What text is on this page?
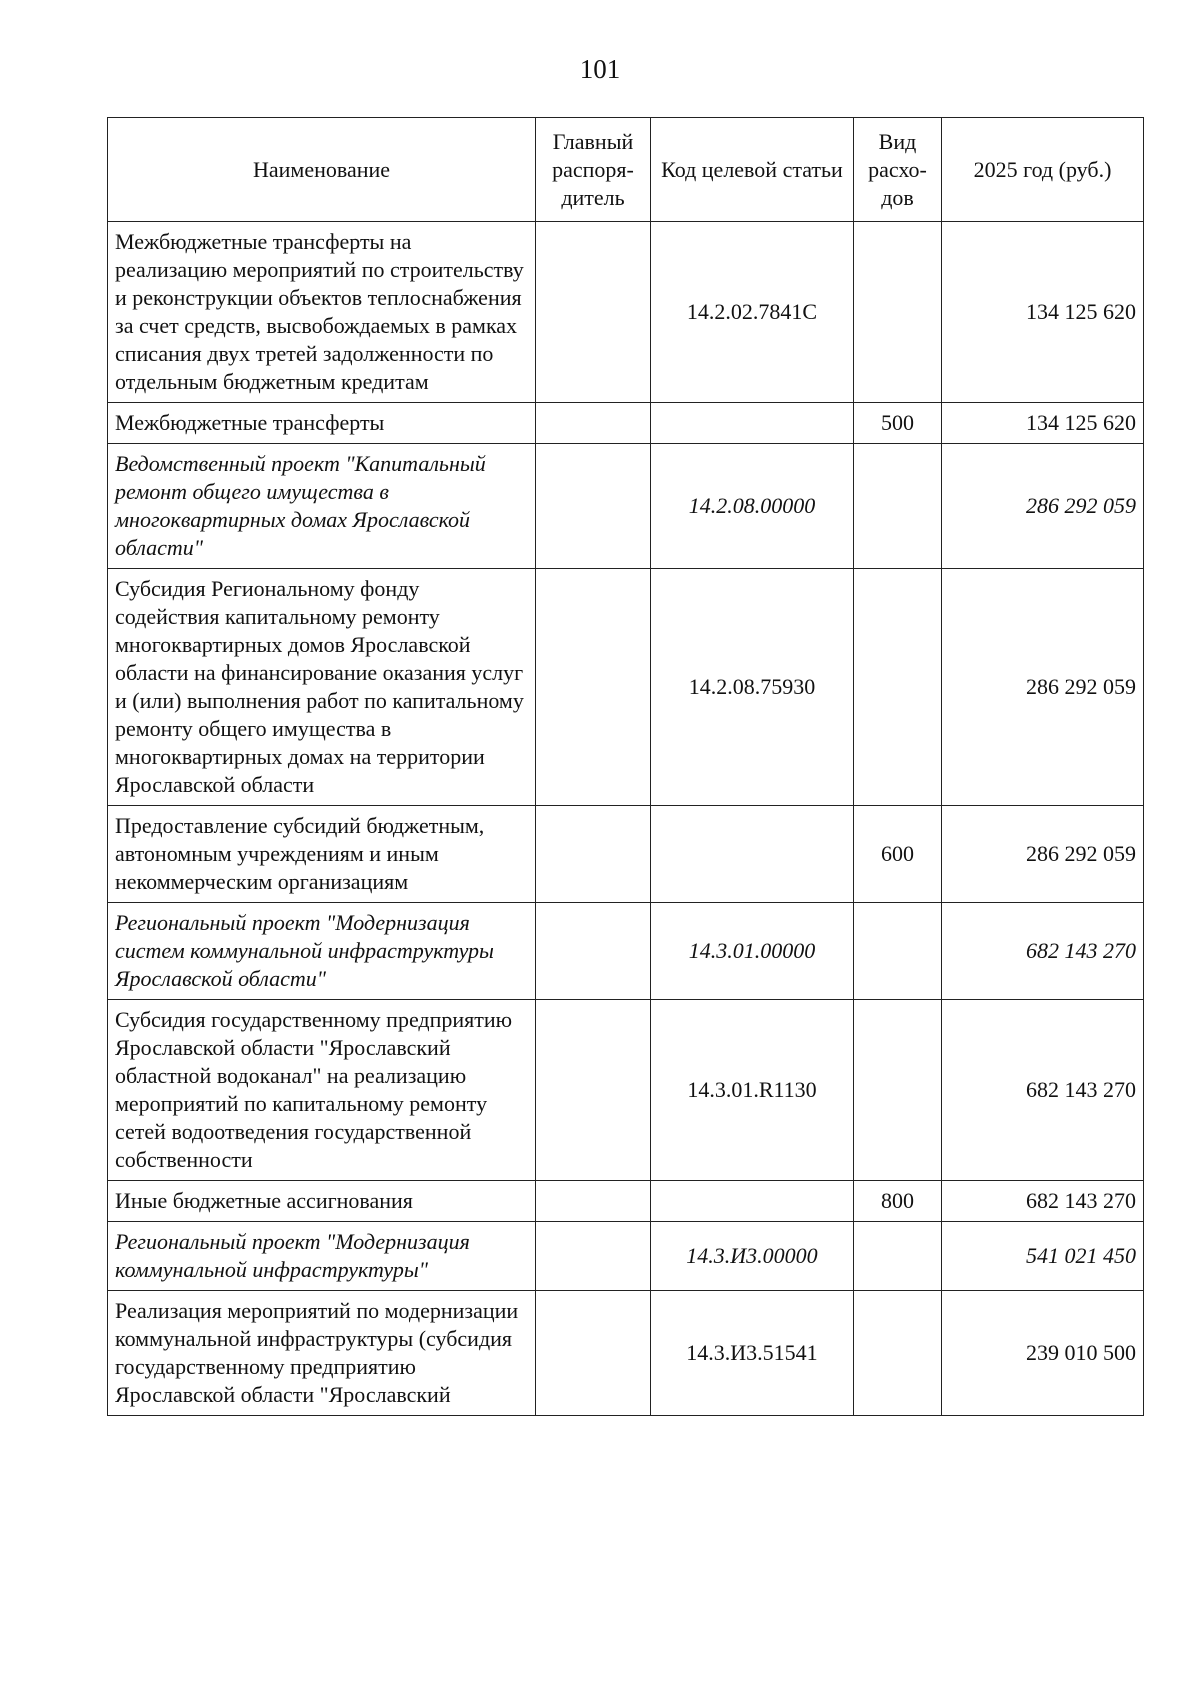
101
Наименование	Главный распоря-дитель	Код целевой статьи	Вид расхо-дов	2025 год (руб.)
Межбюджетные трансферты на реализацию мероприятий по строительству и реконструкции объектов теплоснабжения за счет средств, высвобождаемых в рамках списания двух третей задолженности по отдельным бюджетным кредитам		14.2.02.7841С		134 125 620
Межбюджетные трансферты			500	134 125 620
Ведомственный проект "Капитальный ремонт общего имущества в многоквартирных домах Ярославской области"		14.2.08.00000		286 292 059
Субсидия Региональному фонду содействия капитальному ремонту многоквартирных домов Ярославской области на финансирование оказания услуг и (или) выполнения работ по капитальному ремонту общего имущества в многоквартирных домах на территории Ярославской области		14.2.08.75930		286 292 059
Предоставление субсидий бюджетным, автономным учреждениям и иным некоммерческим организациям			600	286 292 059
Региональный проект "Модернизация систем коммунальной инфраструктуры Ярославской области"		14.3.01.00000		682 143 270
Субсидия государственному предприятию Ярославской области "Ярославский областной водоканал" на реализацию мероприятий по капитальному ремонту сетей водоотведения государственной собственности		14.3.01.R1130		682 143 270
Иные бюджетные ассигнования			800	682 143 270
Региональный проект "Модернизация коммунальной инфраструктуры"		14.3.И3.00000		541 021 450
Реализация мероприятий по модернизации коммунальной инфраструктуры (субсидия государственному предприятию Ярославской области "Ярославский		14.3.И3.51541		239 010 500
